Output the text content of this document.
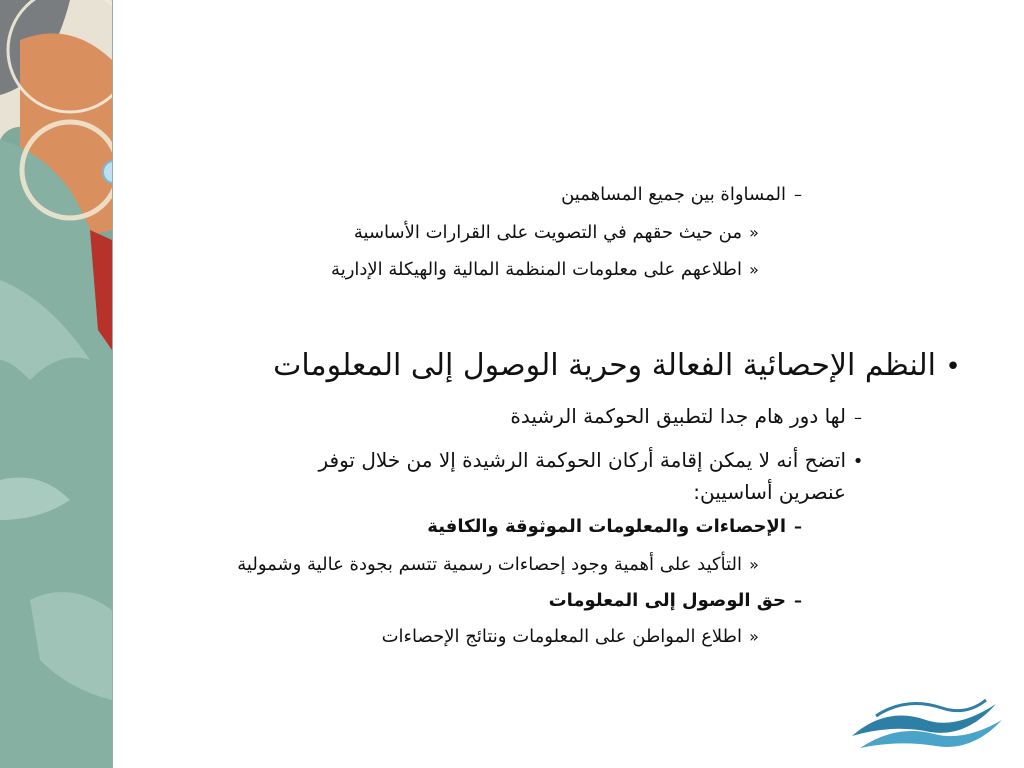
–المساواة بين جميع المساهمين
«من حيث حقهم في التصويت على القرارات الأساسية
«اطلاعهم على معلومات المنظمة المالية والهيكلة الإدارية
•النظم الإحصائية الفعالة وحرية الوصول إلى المعلومات
–لها دور هام جدا لتطبيق الحوكمة الرشيدة
•اتضح أنه لا يمكن إقامة أركان الحوكمة الرشيدة إلا من خلال توفر
عنصرين أساسيين:
–الإحصاءات والمعلومات الموثوقة والكافية
«التأكيد على أهمية وجود إحصاءات رسمية تتسم بجودة عالية وشمولية
–حق الوصول إلى المعلومات
«اطلاع المواطن على المعلومات ونتائج الإحصاءات
